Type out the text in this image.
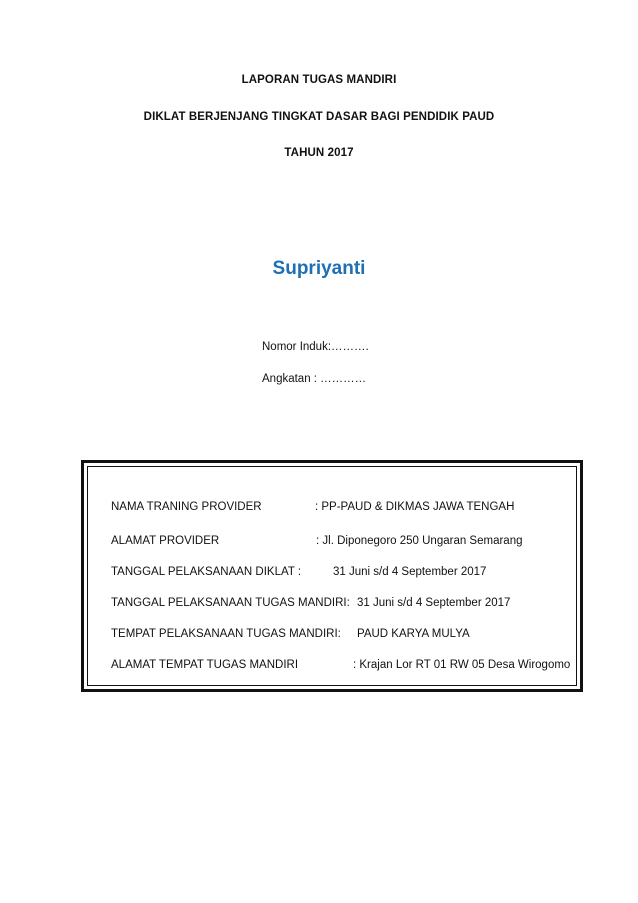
LAPORAN TUGAS MANDIRI
DIKLAT BERJENJANG TINGKAT DASAR BAGI PENDIDIK PAUD
TAHUN 2017
Supriyanti
Nomor Induk:……….
Angkatan : …………
NAMA TRANING PROVIDER	: PP-PAUD & DIKMAS JAWA TENGAH
ALAMAT PROVIDER	: Jl. Diponegoro 250 Ungaran Semarang
TANGGAL PELAKSANAAN DIKLAT :	31 Juni s/d 4 September 2017
TANGGAL PELAKSANAAN TUGAS MANDIRI: 31 Juni s/d 4 September 2017
TEMPAT PELAKSANAAN TUGAS MANDIRI: PAUD KARYA MULYA
ALAMAT TEMPAT TUGAS MANDIRI	: Krajan Lor RT 01 RW 05 Desa Wirogomo
